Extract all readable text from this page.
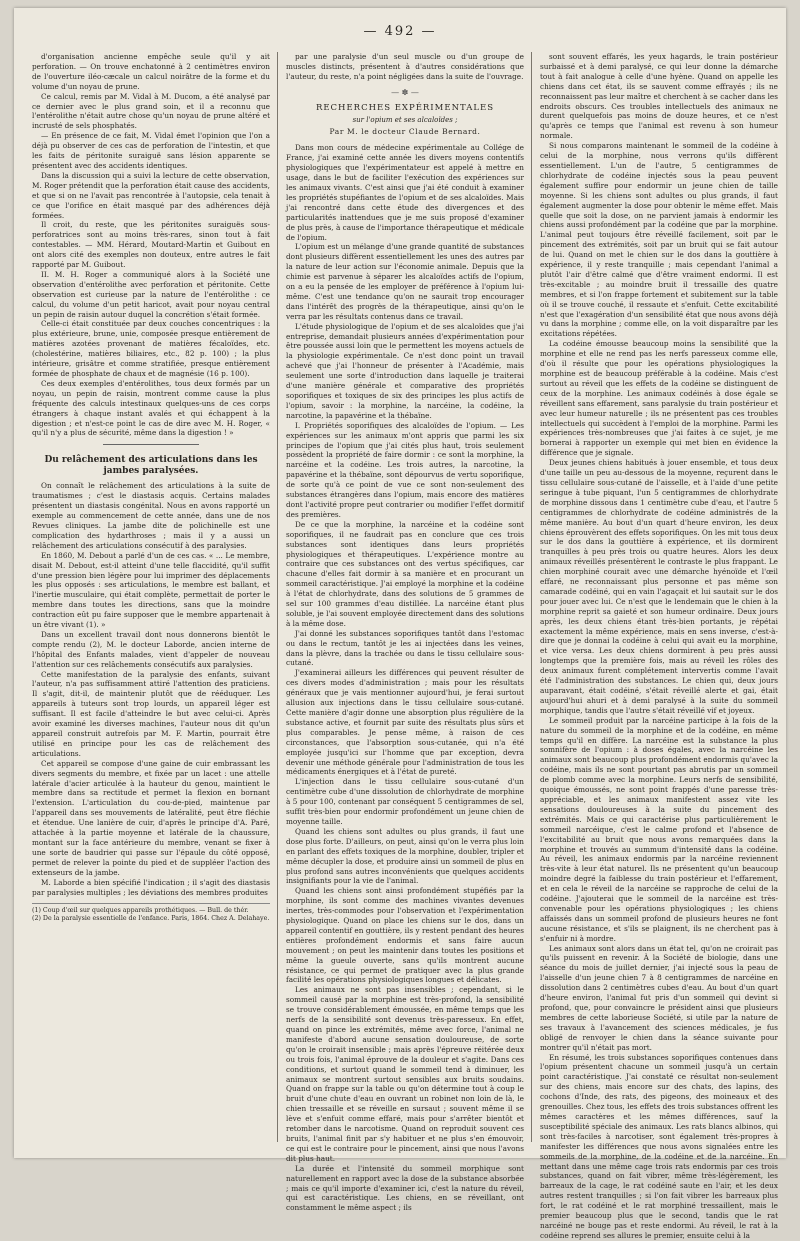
— 492 —

d'organisation ancienne empêche seule qu'il y ait perforation. — On trouve enchatonné à 2 centimètres environ de l'ouverture iléo-cæcale un calcul noirâtre de la forme et du volume d'un noyau de prune.

Ce calcul, remis par M. Vidal à M. Ducom, a été analysé par ce dernier avec le plus grand soin, et il a reconnu que l'entérolithe n'était autre chose qu'un noyau de prune altéré et incrusté de sels phosphatés.

— En présence de ce fait, M. Vidal émet l'opinion que l'on a déjà pu observer de ces cas de perforation de l'intestin, et que les faits de péritonite suraiguë sans lésion apparente se présentent avec des accidents identiques.

Dans la discussion qui a suivi la lecture de cette observation, M. Roger prétendit que la perforation était cause des accidents, et que si on ne l'avait pas rencontrée à l'autopsie, cela tenait à ce que l'orifice en était masqué par des adhérences déjà formées.

Il croit, du reste, que les péritonites suraiguës sous-perforatrices sont au moins très-rares, sinon tout à fait contestables. — MM. Hérard, Moutard-Martin et Guibout en ont alors cité des exemples non douteux, entre autres le fait rapporté par M. Guibout.

II. M. H. Roger a communiqué alors à la Société une observation d'entérolithe avec perforation et péritonite. Cette observation est curieuse par la nature de l'entérolithe : ce calcul, du volume d'un petit haricot, avait pour noyau central un pepin de raisin autour duquel la concrétion s'était formée.

Celle-ci était constituée par deux couches concentriques : la plus extérieure, brune, unie, composée presque entièrement de matières azotées provenant de matières fécaloïdes, etc. (cholestérine, matières biliaires, etc., 82 p. 100) ; la plus intérieure, grisâtre et comme stratifiée, presque entièrement formée de phosphate de chaux et de magnésie (16 p. 100).

Ces deux exemples d'entérolithes, tous deux formés par un noyau, un pepin de raisin, montrent comme cause la plus fréquente des calculs intestinaux quelques-uns de ces corps étrangers à chaque instant avalés et qui échappent à la digestion ; et n'est-ce point le cas de dire avec M. H. Roger, « qu'il n'y a plus de sécurité, même dans la digestion ! »

Du relâchement des articulations dans les jambes paralysées.

On connaît le relâchement des articulations à la suite de traumatismes ; c'est le diastasis acquis. Certains malades présentent un diastasis congénital. Nous en avons rapporté un exemple au commencement de cette année, dans une de nos Revues cliniques. La jambe dite de polichinelle est une complication des hydarthroses ; mais il y a aussi un relâchement des articulations consécutif à des paralysies.

En 1860, M. Debout a parlé d'un de ces cas. « ... Le membre, disait M. Debout, est-il atteint d'une telle flaccidité, qu'il suffit d'une pression bien légère pour lui imprimer des déplacements les plus opposés : ses articulations, le membre est ballant, et l'inertie musculaire, qui était complète, permettait de porter le membre dans toutes les directions, sans que la moindre contraction eût pu faire supposer que le membre appartenait à un être vivant (1). »

Dans un excellent travail dont nous donnerons bientôt le compte rendu (2), M. le docteur Laborde, ancien interne de l'hôpital des Enfants malades, vient d'appeler de nouveau l'attention sur ces relâchements consécutifs aux paralysies.

Cette manifestation de la paralysie des enfants, suivant l'auteur, n'a pas suffisamment attiré l'attention des praticiens. Il s'agit, dit-il, de maintenir plutôt que de rééduquer. Les appareils à tuteurs sont trop lourds, un appareil léger est suffisant. Il est facile d'atteindre le but avec celui-ci. Après avoir examiné les diverses machines, l'auteur nous dit qu'un appareil construit autrefois par M. F. Martin, pourrait être utilisé en principe pour les cas de relâchement des articulations.

Cet appareil se compose d'une gaine de cuir embrassant les divers segments du membre, et fixée par un lacet : une attelle latérale d'acier articulée à la hauteur du genou, maintient le membre dans sa rectitude et permet la flexion en bornant l'extension. L'articulation du cou-de-pied, maintenue par l'appareil dans ses mouvements de latéralité, peut être fléchie et étendue. Une lanière de cuir, d'après le principe d'A. Paré, attachée à la partie moyenne et latérale de la chaussure, montant sur la face antérieure du membre, venant se fixer à une sorte de baudrier qui passe sur l'épaule du côté opposé, permet de relever la pointe du pied et de suppléer l'action des extenseurs de la jambe.

M. Laborde a bien spécifié l'indication ; il s'agit des diastasis par paralysies multiples ; les déviations des membres produites

(1) Coup d'œil sur quelques appareils prothétiques. — Bull. de thér.

(2) De la paralysie essentielle de l'enfance. Paris, 1864. Chez A. Delahaye.

par une paralysie d'un seul muscle ou d'un groupe de muscles distincts, présentent à d'autres considérations que l'auteur, du reste, n'a point négligées dans la suite de l'ouvrage.

— ✽ —
RECHERCHES EXPÉRIMENTALES
sur l'opium et ses alcaloïdes ;
Par M. le docteur Claude Bernard.

Dans mon cours de médecine expérimentale au Collége de France, j'ai examiné cette année les divers moyens contentifs physiologiques que l'expérimentateur est appelé à mettre en usage, dans le but de faciliter l'exécution des expériences sur les animaux vivants. C'est ainsi que j'ai été conduit à examiner les propriétés stupéfiantes de l'opium et de ses alcaloïdes. Mais j'ai rencontré dans cette étude des divergences et des particularités inattendues que je me suis proposé d'examiner de plus près, à cause de l'importance thérapeutique et médicale de l'opium.

L'opium est un mélange d'une grande quantité de substances dont plusieurs diffèrent essentiellement les unes des autres par la nature de leur action sur l'économie animale. Depuis que la chimie est parvenue à séparer les alcaloïdes actifs de l'opium, on a eu la pensée de les employer de préférence à l'opium lui-même. C'est une tendance qu'on ne saurait trop encourager dans l'intérêt des progrès de la thérapeutique, ainsi qu'on le verra par les résultats contenus dans ce travail.

L'étude physiologique de l'opium et de ses alcaloïdes que j'ai entreprise, demandait plusieurs années d'expérimentation pour être poussée aussi loin que le permettent les moyens actuels de la physiologie expérimentale. Ce n'est donc point un travail achevé que j'ai l'honneur de présenter à l'Académie, mais seulement une sorte d'introduction dans laquelle je traiterai d'une manière générale et comparative des propriétés soporifiques et toxiques de six des principes les plus actifs de l'opium, savoir : la morphine, la narcéine, la codéine, la narcotine, la papavérine et la thébaïne.

I. Propriétés soporifiques des alcaloïdes de l'opium. — Les expériences sur les animaux m'ont appris que parmi les six principes de l'opium que j'ai cités plus haut, trois seulement possèdent la propriété de faire dormir : ce sont la morphine, la narcéine et la codéine. Les trois autres, la narcotine, la papavérine et la thébaïne, sont dépourvus de vertu soporifique, de sorte qu'à ce point de vue ce sont non-seulement des substances étrangères dans l'opium, mais encore des matières dont l'activité propre peut contrarier ou modifier l'effet dormitif des premières.

De ce que la morphine, la narcéine et la codéine sont soporifiques, il ne faudrait pas en conclure que ces trois substances sont identiques dans leurs propriétés physiologiques et thérapeutiques. L'expérience montre au contraire que ces substances ont des vertus spécifiques, car chacune d'elles fait dormir à sa manière et en procurant un sommeil caractéristique. J'ai employé la morphine et la codéine à l'état de chlorhydrate, dans des solutions de 5 grammes de sel sur 100 grammes d'eau distillée. La narcéine étant plus soluble, je l'ai souvent employée directement dans des solutions à la même dose.

J'ai donné les substances soporifiques tantôt dans l'estomac ou dans le rectum, tantôt je les ai injectées dans les veines, dans la plèvre, dans la trachée ou dans le tissu cellulaire sous-cutané.

J'examinerai ailleurs les différences qui peuvent résulter de ces divers modes d'administration ; mais pour les résultats généraux que je vais mentionner aujourd'hui, je ferai surtout allusion aux injections dans le tissu cellulaire sous-cutané. Cette manière d'agir donne une absorption plus régulière de la substance active, et fournit par suite des résultats plus sûrs et plus comparables. Je pense même, à raison de ces circonstances, que l'absorption sous-cutanée, qui n'a été employée jusqu'ici sur l'homme que par exception, devra devenir une méthode générale pour l'administration de tous les médicaments énergiques et à l'état de pureté.

L'injection dans le tissu cellulaire sous-cutané d'un centimètre cube d'une dissolution de chlorhydrate de morphine à 5 pour 100, contenant par conséquent 5 centigrammes de sel, suffit très-bien pour endormir profondément un jeune chien de moyenne taille.

Quand les chiens sont adultes ou plus grands, il faut une dose plus forte. D'ailleurs, on peut, ainsi qu'on le verra plus loin en parlant des effets toxiques de la morphine, doubler, tripler et même décupler la dose, et produire ainsi un sommeil de plus en plus profond sans autres inconvénients que quelques accidents insignifiants pour la vie de l'animal.

Quand les chiens sont ainsi profondément stupéfiés par la morphine, ils sont comme des machines vivantes devenues inertes, très-commodes pour l'observation et l'expérimentation physiologique. Quand on place les chiens sur le dos, dans un appareil contentif en gouttière, ils y restent pendant des heures entières profondément endormis et sans faire aucun mouvement ; on peut les maintenir dans toutes les positions et même la gueule ouverte, sans qu'ils montrent aucune résistance, ce qui permet de pratiquer avec la plus grande facilité les opérations physiologiques longues et délicates.

Les animaux ne sont pas insensibles ; cependant, si le sommeil causé par la morphine est très-profond, la sensibilité se trouve considérablement émoussée, en même temps que les nerfs de la sensibilité sont devenus très-paresseux. En effet, quand on pince les extrémités, même avec force, l'animal ne manifeste d'abord aucune sensation douloureuse, de sorte qu'on le croirait insensible ; mais après l'épreuve réitérée deux ou trois fois, l'animal éprouve de la douleur et s'agite. Dans ces conditions, et surtout quand le sommeil tend à diminuer, les animaux se montrent surtout sensibles aux bruits soudains. Quand on frappe sur la table ou qu'on détermine tout à coup le bruit d'une chute d'eau en ouvrant un robinet non loin de là, le chien tressaille et se réveille en sursaut ; souvent même il se lève et s'enfuit comme effaré, mais pour s'arrêter bientôt et retomber dans le narcotisme. Quand on reproduit souvent ces bruits, l'animal finit par s'y habituer et ne plus s'en émouvoir, ce qui est le contraire pour le pincement, ainsi que nous l'avons dit plus haut.

La durée et l'intensité du sommeil morphique sont naturellement en rapport avec la dose de la substance absorbée ; mais ce qu'il importe d'examiner ici, c'est la nature du réveil, qui est caractéristique. Les chiens, en se réveillant, ont constamment le même aspect ; ils

sont souvent effarés, les yeux hagards, le train postérieur surbaissé et à demi paralysé, ce qui leur donne la démarche tout à fait analogue à celle d'une hyène. Quand on appelle les chiens dans cet état, ils se sauvent comme effrayés ; ils ne reconnaissent pas leur maître et cherchent à se cacher dans les endroits obscurs. Ces troubles intellectuels des animaux ne durent quelquefois pas moins de douze heures, et ce n'est qu'après ce temps que l'animal est revenu à son humeur normale.

Si nous comparons maintenant le sommeil de la codéine à celui de la morphine, nous verrons qu'ils diffèrent essentiellement. L'un de l'autre, 5 centigrammes de chlorhydrate de codéine injectés sous la peau peuvent également suffire pour endormir un jeune chien de taille moyenne. Si les chiens sont adultes ou plus grands, il faut également augmenter la dose pour obtenir le même effet. Mais quelle que soit la dose, on ne parvient jamais à endormir les chiens aussi profondément par la codéine que par la morphine. L'animal peut toujours être réveillé facilement, soit par le pincement des extrémités, soit par un bruit qui se fait autour de lui. Quand on met le chien sur le dos dans la gouttière à expérience, il y reste tranquille ; mais cependant l'animal a plutôt l'air d'être calmé que d'être vraiment endormi. Il est très-excitable ; au moindre bruit il tressaille des quatre membres, et si l'on frappe fortement et subitement sur la table où il se trouve couché, il ressaute et s'enfuit. Cette excitabilité n'est que l'exagération d'un sensibilité état que nous avons déjà vu dans la morphine ; comme elle, on la voit disparaître par les excitations répétées.

La codéine émousse beaucoup moins la sensibilité que la morphine et elle ne rend pas les nerfs paresseux comme elle, d'où il résulte que pour les opérations physiologiques la morphine est de beaucoup préférable à la codéine. Mais c'est surtout au réveil que les effets de la codéine se distinguent de ceux de la morphine. Les animaux codéinés à dose égale se réveillent sans effarement, sans paralysie du train postérieur et avec leur humeur naturelle ; ils ne présentent pas ces troubles intellectuels qui succèdent à l'emploi de la morphine. Parmi les expériences très-nombreuses que j'ai faites à ce sujet, je me bornerai à rapporter un exemple qui met bien en évidence la différence que je signale.

Deux jeunes chiens habitués à jouer ensemble, et tous deux d'une taille un peu au-dessous de la moyenne, reçurent dans le tissu cellulaire sous-cutané de l'aisselle, et à l'aide d'une petite seringue à tube piquant, l'un 5 centigrammes de chlorhydrate de morphine dissous dans 1 centimètre cube d'eau, et l'autre 5 centigrammes de chlorhydrate de codéine administrés de la même manière. Au bout d'un quart d'heure environ, les deux chiens éprouvèrent des effets soporifiques. On les mit tous deux sur le dos dans la gouttière à expérience, et ils dormirent tranquilles à peu près trois ou quatre heures. Alors les deux animaux réveillés présentèrent le contraste le plus frappant. Le chien morphiné courait avec une démarche hyénoïde et l'œil effaré, ne reconnaissant plus personne et pas même son camarade codéiné, qui en vain l'agaçait et lui sautait sur le dos pour jouer avec lui. Ce n'est que le lendemain que le chien à la morphine reprit sa gaieté et son humeur ordinaire. Deux jours après, les deux chiens étant très-bien portants, je répétai exactement la même expérience, mais en sens inverse, c'est-à-dire que je donnai la codéine à celui qui avait eu la morphine, et vice versa. Les deux chiens dormirent à peu près aussi longtemps que la première fois, mais au réveil les rôles des deux animaux furent complétement intervertis comme l'avait été l'administration des substances. Le chien qui, deux jours auparavant, était codéiné, s'était réveillé alerte et gai, était aujourd'hui ahuri et à demi paralysé à la suite du sommeil morphique, tandis que l'autre s'était réveillé vif et joyeux.

Le sommeil produit par la narcéine participe à la fois de la nature du sommeil de la morphine et de la codéine, en même temps qu'il en diffère. La narcéine est la substance la plus somnifère de l'opium : à doses égales, avec la narcéine les animaux sont beaucoup plus profondément endormis qu'avec la codéine, mais ils ne sont pourtant pas abrutis par un sommeil de plomb comme avec la morphine. Leurs nerfs de sensibilité, quoique émoussés, ne sont point frappés d'une paresse très-appréciable, et les animaux manifestent assez vite les sensations douloureuses à la suite du pincement des extrémités. Mais ce qui caractérise plus particulièrement le sommeil narcéique, c'est le calme profond et l'absence de l'excitabilité au bruit que nous avons remarquées dans la morphine et trouvés au summum d'intensité dans la codéine. Au réveil, les animaux endormis par la narcéine reviennent très-vite à leur état naturel. Ils ne présentent qu'un beaucoup moindre degré la faiblesse du train postérieur et l'effarement, et en cela le réveil de la narcéine se rapproche de celui de la codéine. J'ajouterai que le sommeil de la narcéine est très-convenable pour les opérations physiologiques ; les chiens affaissés dans un sommeil profond de plusieurs heures ne font aucune résistance, et s'ils se plaignent, ils ne cherchent pas à s'enfuir ni à mordre.

Les animaux sont alors dans un état tel, qu'on ne croirait pas qu'ils puissent en revenir. À la Société de biologie, dans une séance du mois de juillet dernier, j'ai injecté sous la peau de l'aisselle d'un jeune chien 7 à 8 centigrammes de narcéine en dissolution dans 2 centimètres cubes d'eau. Au bout d'un quart d'heure environ, l'animal fut pris d'un sommeil qui devint si profond, que, pour convaincre le président ainsi que plusieurs membres de cette laborieuse Société, si utile par la nature de ses travaux à l'avancement des sciences médicales, je fus obligé de renvoyer le chien dans la séance suivante pour montrer qu'il n'était pas mort.

En résumé, les trois substances soporifiques contenues dans l'opium présentent chacune un sommeil jusqu'à un certain point caractéristique. J'ai constaté ce résultat non-seulement sur des chiens, mais encore sur des chats, des lapins, des cochons d'Inde, des rats, des pigeons, des moineaux et des grenouilles. Chez tous, les effets des trois substances offrent les mêmes caractères et les mêmes différences, sauf la susceptibilité spéciale des animaux. Les rats blancs albinos, qui sont très-faciles à narcotiser, sont également très-propres à manifester les différences que nous avons signalées entre les sommeils de la morphine, de la codéine et de la narcéine. En mettant dans une même cage trois rats endormis par ces trois substances, quand on fait vibrer, même très-légèrement, les barreaux de la cage, le rat codéiné saute en l'air, et les deux autres restent tranquilles ; si l'on fait vibrer les barreaux plus fort, le rat codéiné et le rat morphiné tressaillent, mais le premier beaucoup plus que le second, tandis que le rat narcéiné ne bouge pas et reste endormi. Au réveil, le rat à la codéine reprend ses allures le premier, ensuite celui à la
